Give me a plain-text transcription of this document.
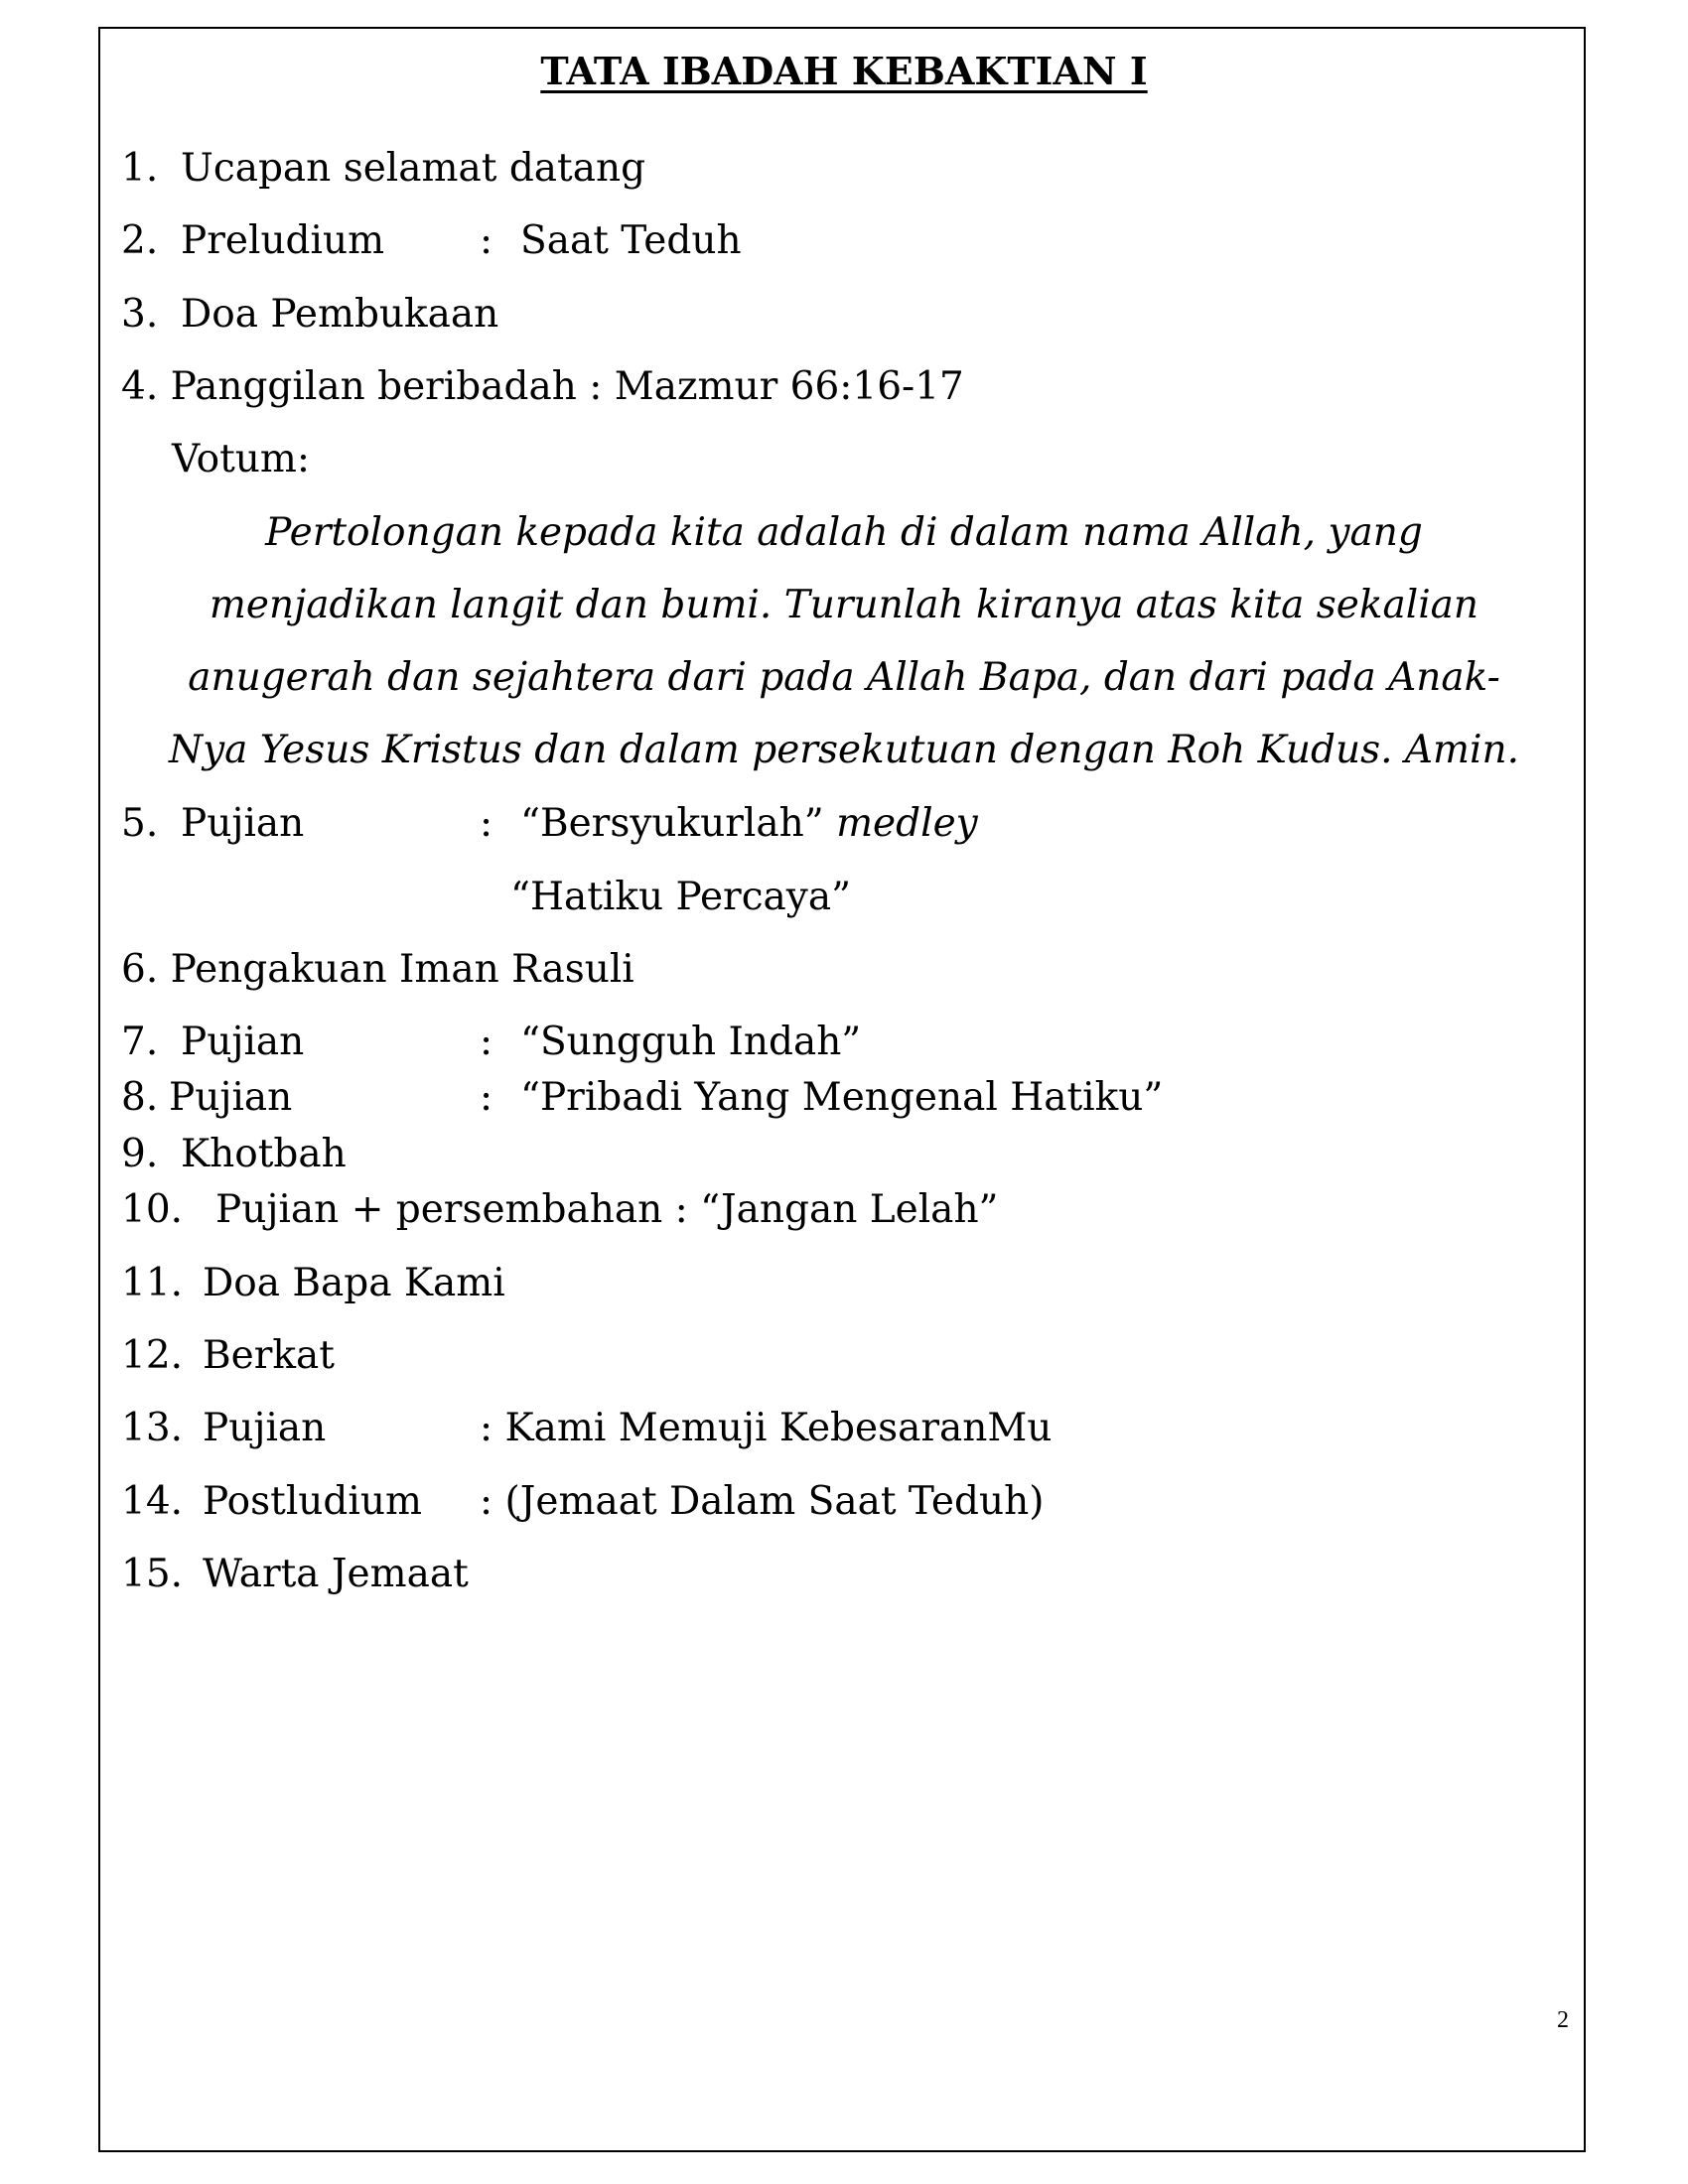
TATA IBADAH KEBAKTIAN I
1. Ucapan selamat datang
2. Preludium : Saat Teduh
3. Doa Pembukaan
4. Panggilan beribadah : Mazmur 66:16-17
Votum:
Pertolongan kepada kita adalah di dalam nama Allah, yang
menjadikan langit dan bumi. Turunlah kiranya atas kita sekalian
anugerah dan sejahtera dari pada Allah Bapa, dan dari pada Anak-
Nya Yesus Kristus dan dalam persekutuan dengan Roh Kudus. Amin.
5. Pujian	: “Bersyukurlah” medley
“Hatiku Percaya”
6. Pengakuan Iman Rasuli
7. Pujian	: “Sungguh Indah”
8. Pujian	: “Pribadi Yang Mengenal Hatiku”
9. Khotbah
10. Pujian + persembahan : “Jangan Lelah”
11. Doa Bapa Kami
12. Berkat
13. Pujian	: Kami Memuji KebesaranMu
14. Postludium : (Jemaat Dalam Saat Teduh)
15. Warta Jemaat
2
